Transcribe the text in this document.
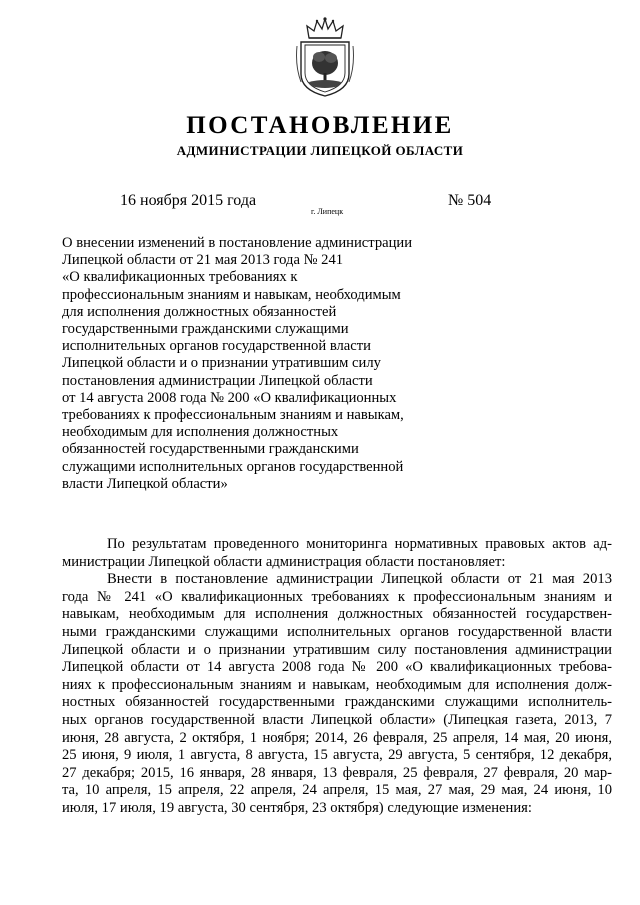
ПОСТАНОВЛЕНИЕ
АДМИНИСТРАЦИИ ЛИПЕЦКОЙ ОБЛАСТИ
16 ноября 2015 года
г. Липецк
№ 504
О внесении изменений в постановление администрации
Липецкой области от 21 мая 2013 года № 241
«О квалификационных требованиях к
профессиональным знаниям и навыкам, необходимым
для исполнения должностных обязанностей
государственными гражданскими служащими
исполнительных органов государственной власти
Липецкой области и о признании утратившим силу
постановления администрации Липецкой области
от 14 августа 2008 года № 200 «О квалификационных
требованиях к профессиональным знаниям и навыкам,
необходимым для исполнения должностных
обязанностей государственными гражданскими
служащими исполнительных органов государственной
власти Липецкой области»
По результатам проведенного мониторинга нормативных правовых актов ад-
министрации Липецкой области администрация области постановляет:
Внести в постановление администрации Липецкой области от 21 мая 2013
года № 241 «О квалификационных требованиях к профессиональным знаниям и
навыкам, необходимым для исполнения должностных обязанностей государствен-
ными гражданскими служащими исполнительных органов государственной власти
Липецкой области и о признании утратившим силу постановления администрации
Липецкой области от 14 августа 2008 года № 200 «О квалификационных требова-
ниях к профессиональным знаниям и навыкам, необходимым для исполнения долж-
ностных обязанностей государственными гражданскими служащими исполнитель-
ных органов государственной власти Липецкой области» (Липецкая газета, 2013, 7
июня, 28 августа, 2 октября, 1 ноября; 2014, 26 февраля, 25 апреля, 14 мая, 20 июня,
25 июня, 9 июля, 1 августа, 8 августа, 15 августа, 29 августа, 5 сентября, 12 декабря,
27 декабря; 2015, 16 января, 28 января, 13 февраля, 25 февраля, 27 февраля, 20 мар-
та, 10 апреля, 15 апреля, 22 апреля, 24 апреля, 15 мая, 27 мая, 29 мая, 24 июня, 10
июля, 17 июля, 19 августа, 30 сентября, 23 октября) следующие изменения:
